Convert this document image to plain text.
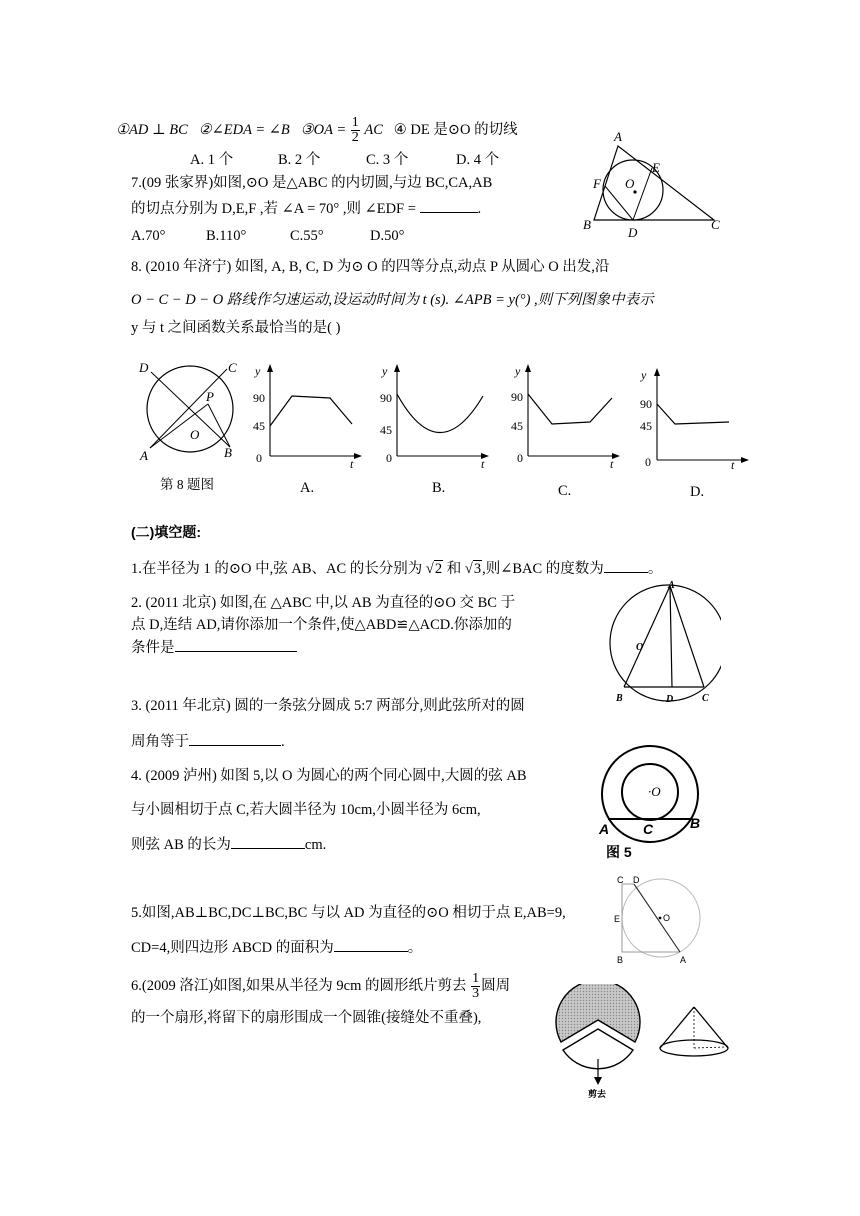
①AD ⊥ BC ②∠EDA = ∠B ③OA = $\frac{1}{2}$ AC ④ DE 是⊙O 的切线
A. 1 个	B. 2 个	C. 3 个	D. 4 个
7.(09 张家界)如图,⊙O 是△ABC 的内切圆,与边 BC,CA,AB
的切点分别为 D,E,F ,若 ∠A = 70° ,则 ∠EDF =	.
A.70°	B.110°	C.55°	D.50°
A
E
F O
B
D
C
8. (2010 年济宁) 如图, A, B, C, D 为⊙ O 的四等分点,动点 P 从圆心 O 出发,沿
O − C − D − O 路线作匀速运动,设运动时间为 t (s). ∠APB = y(°) ,则下列图象中表示
y 与 t 之间函数关系最恰当的是( )
D	C
P
O
A	B
第 8 题图
y
90
45
0	t
A.
y
90
45
0	t
B.
y
90
45
0	t
C.
y
90
45
0	t
D.
(二)填空题:
1.在半径为 1 的⊙O 中,弦 AB、AC 的长分别为 √2 和 √3,则∠BAC 的度数为	。
2. (2011 北京) 如图,在 △ABC 中,以 AB 为直径的⊙O 交 BC 于
点 D,连结 AD,请你添加一个条件,使△ABD≌△ACD.你添加的
条件是
A
O
B	D	C
3. (2011 年北京) 圆的一条弦分圆成 5:7 两部分,则此弦所对的圆
周角等于	.
4. (2009 泸州) 如图 5,以 O 为圆心的两个同心圆中,大圆的弦 AB
与小圆相切于点 C,若大圆半径为 10cm,小圆半径为 6cm,
则弦 AB 的长为	cm.
·O
A C	B
图 5
5.如图,AB⊥BC,DC⊥BC,BC 与以 AD 为直径的⊙O 相切于点 E,AB=9,
CD=4,则四边形 ABCD 的面积为	。
C D
E	O
B	A
6.(2009 洛江)如图,如果从半径为 9cm 的圆形纸片剪去 $\frac{1}{3}$ 圆周
的一个扇形,将留下的扇形围成一个圆锥(接缝处不重叠),
剪去
